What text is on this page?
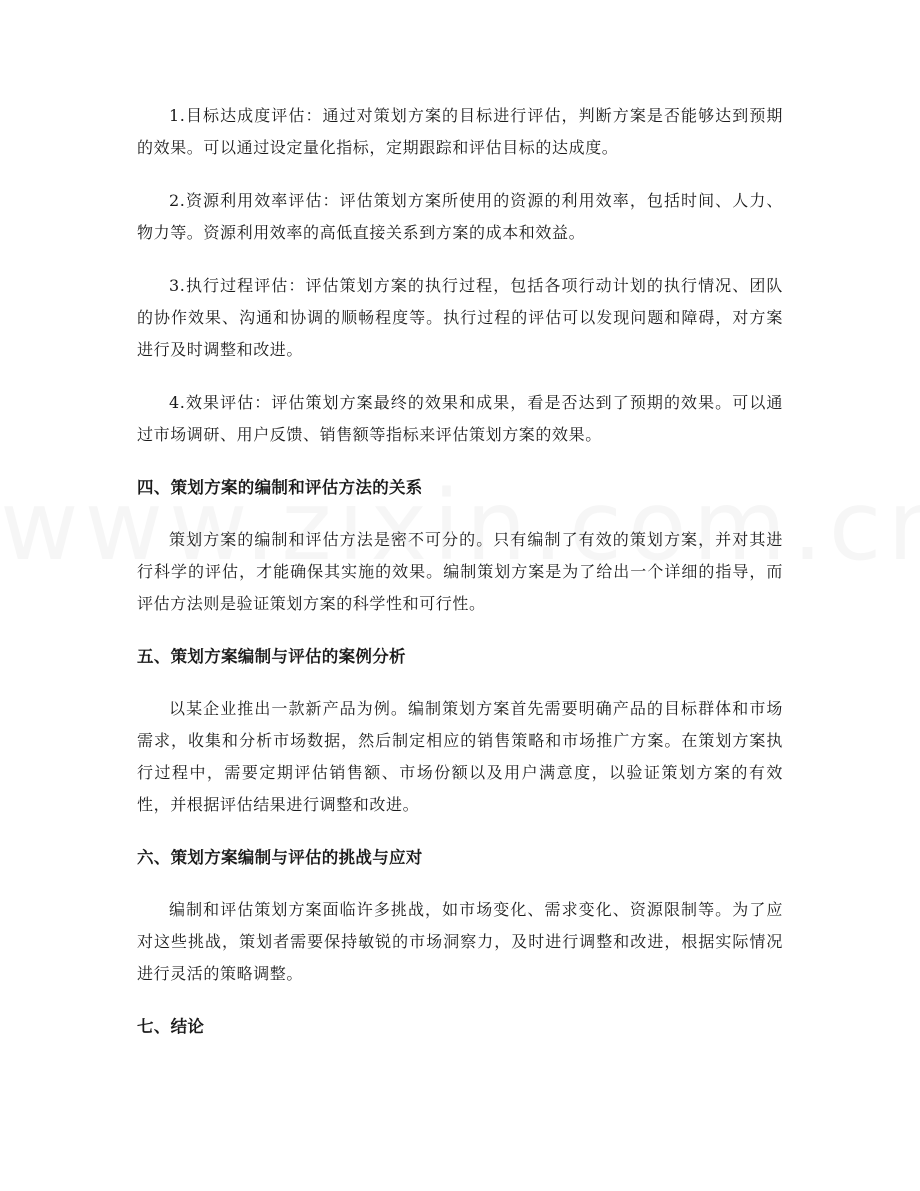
1.目标达成度评估：通过对策划方案的目标进行评估，判断方案是否能够达到预期的效果。可以通过设定量化指标，定期跟踪和评估目标的达成度。

2.资源利用效率评估：评估策划方案所使用的资源的利用效率，包括时间、人力、物力等。资源利用效率的高低直接关系到方案的成本和效益。

3.执行过程评估：评估策划方案的执行过程，包括各项行动计划的执行情况、团队的协作效果、沟通和协调的顺畅程度等。执行过程的评估可以发现问题和障碍，对方案进行及时调整和改进。

4.效果评估：评估策划方案最终的效果和成果，看是否达到了预期的效果。可以通过市场调研、用户反馈、销售额等指标来评估策划方案的效果。

四、策划方案的编制和评估方法的关系

策划方案的编制和评估方法是密不可分的。只有编制了有效的策划方案，并对其进行科学的评估，才能确保其实施的效果。编制策划方案是为了给出一个详细的指导，而评估方法则是验证策划方案的科学性和可行性。

五、策划方案编制与评估的案例分析

以某企业推出一款新产品为例。编制策划方案首先需要明确产品的目标群体和市场需求，收集和分析市场数据，然后制定相应的销售策略和市场推广方案。在策划方案执行过程中，需要定期评估销售额、市场份额以及用户满意度，以验证策划方案的有效性，并根据评估结果进行调整和改进。

六、策划方案编制与评估的挑战与应对

编制和评估策划方案面临许多挑战，如市场变化、需求变化、资源限制等。为了应对这些挑战，策划者需要保持敏锐的市场洞察力，及时进行调整和改进，根据实际情况进行灵活的策略调整。

七、结论
